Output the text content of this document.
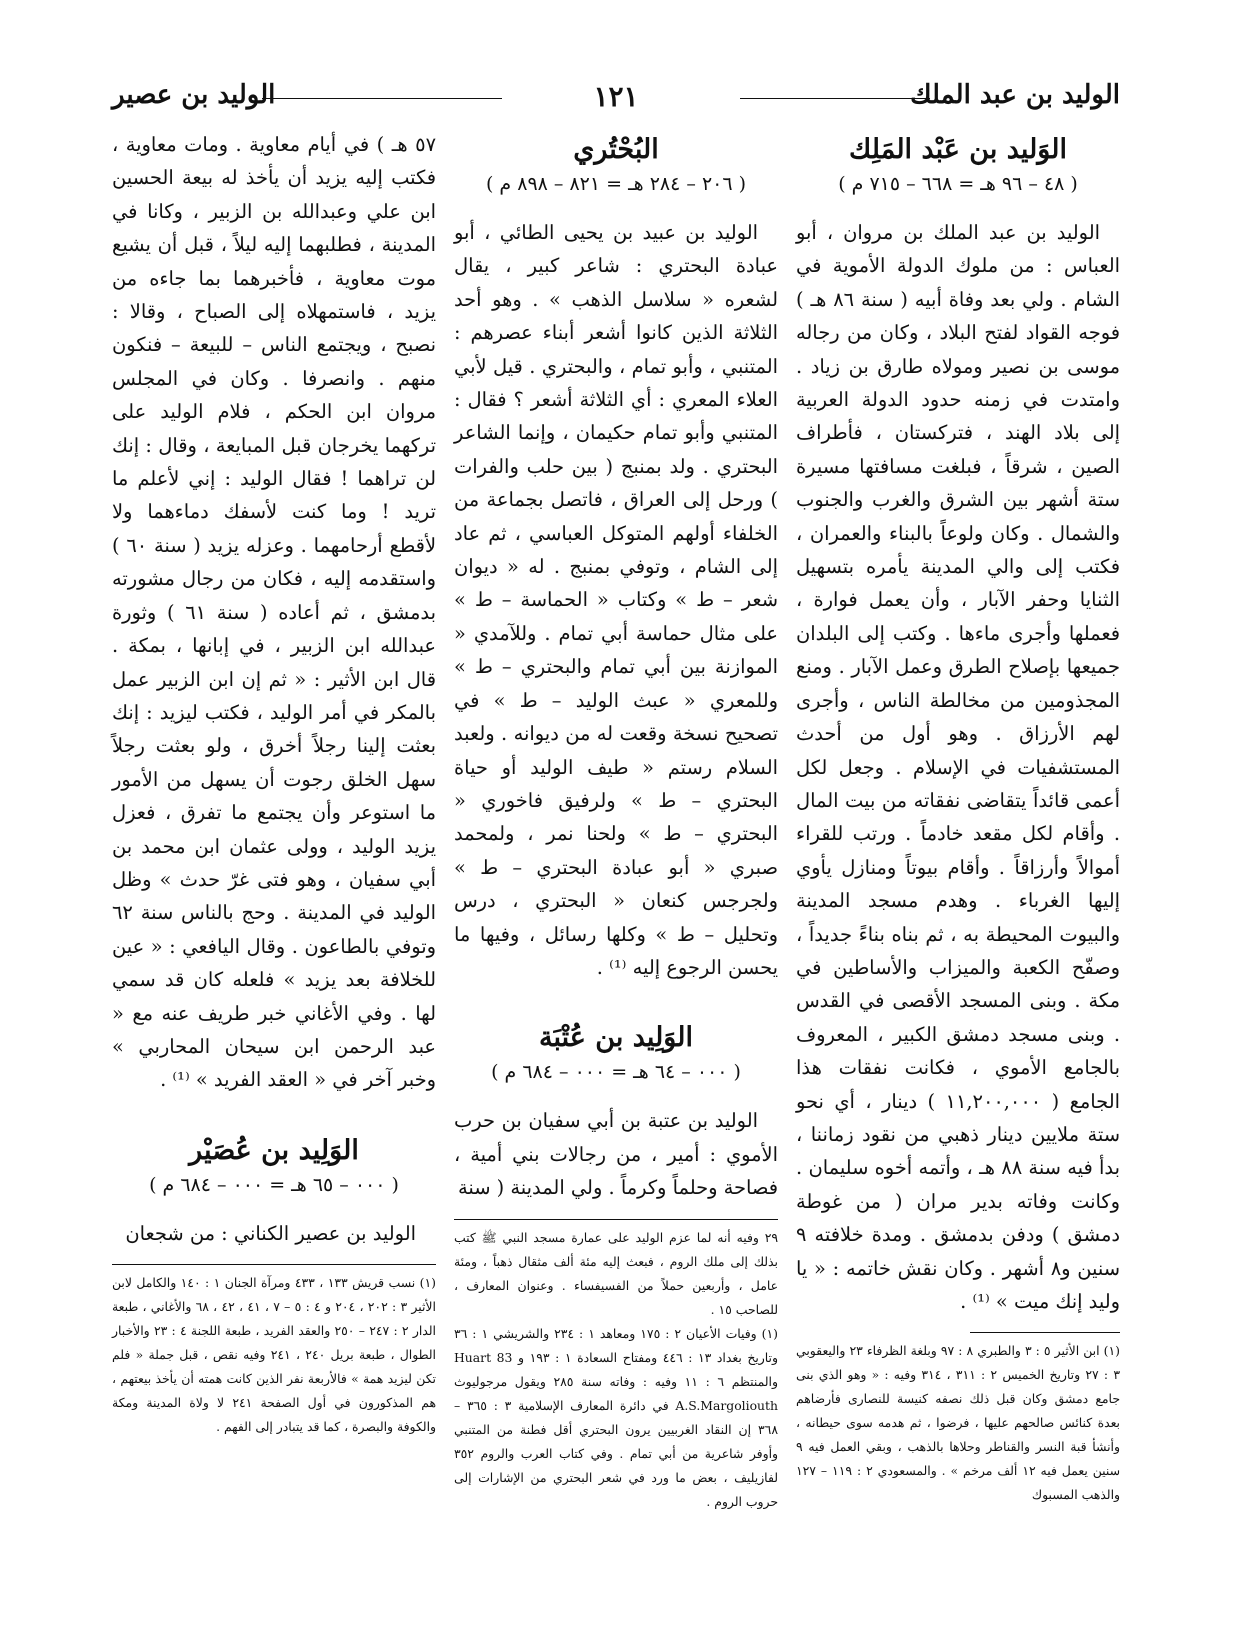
الوليد بن عبد الملك
١٢١
الوليد بن عصير
الوَليد بن عَبْد المَلِك
( ٤٨ – ٩٦ هـ = ٦٦٨ – ٧١٥ م )

الوليد بن عبد الملك بن مروان ، أبو العباس : من ملوك الدولة الأموية في الشام . ولي بعد وفاة أبيه ( سنة ٨٦ هـ ) فوجه القواد لفتح البلاد ، وكان من رجاله موسى بن نصير ومولاه طارق بن زياد . وامتدت في زمنه حدود الدولة العربية إلى بلاد الهند ، فتركستان ، فأطراف الصين ، شرقاً ، فبلغت مسافتها مسيرة ستة أشهر بين الشرق والغرب والجنوب والشمال . وكان ولوعاً بالبناء والعمران ، فكتب إلى والي المدينة يأمره بتسهيل الثنايا وحفر الآبار ، وأن يعمل فوارة ، فعملها وأجرى ماءها . وكتب إلى البلدان جميعها بإصلاح الطرق وعمل الآبار . ومنع المجذومين من مخالطة الناس ، وأجرى لهم الأرزاق . وهو أول من أحدث المستشفيات في الإسلام . وجعل لكل أعمى قائداً يتقاضى نفقاته من بيت المال . وأقام لكل مقعد خادماً . ورتب للقراء أموالاً وأرزاقاً . وأقام بيوتاً ومنازل يأوي إليها الغرباء . وهدم مسجد المدينة والبيوت المحيطة به ، ثم بناه بناءً جديداً ، وصفّح الكعبة والميزاب والأساطين في مكة . وبنى المسجد الأقصى في القدس . وبنى مسجد دمشق الكبير ، المعروف بالجامع الأموي ، فكانت نفقات هذا الجامع ( ١١,٢٠٠,٠٠٠ ) دينار ، أي نحو ستة ملايين دينار ذهبي من نقود زماننا ، بدأ فيه سنة ٨٨ هـ ، وأتمه أخوه سليمان . وكانت وفاته بدير مران ( من غوطة دمشق ) ودفن بدمشق . ومدة خلافته ٩ سنين و٨ أشهر . وكان نقش خاتمه : « يا وليد إنك ميت » ⁽¹⁾ .

(١) ابن الأثير ٥ : ٣ والطبري ٨ : ٩٧ وبلغة الظرفاء ٢٣ واليعقوبي ٣ : ٢٧ وتاريخ الخميس ٢ : ٣١١ ، ٣١٤ وفيه : « وهو الذي بنى جامع دمشق وكان قبل ذلك نصفه كنيسة للنصارى فأرضاهم بعدة كنائس صالحهم عليها ، فرضوا ، ثم هدمه سوى حيطانه ، وأنشأ قبة النسر والقناطر وحلاها بالذهب ، وبقي العمل فيه ٩ سنين يعمل فيه ١٢ ألف مرخم » . والمسعودي ٢ : ١١٩ – ١٢٧ والذهب المسبوك

البُحْتُري
( ٢٠٦ – ٢٨٤ هـ = ٨٢١ – ٨٩٨ م )

الوليد بن عبيد بن يحيى الطائي ، أبو عبادة البحتري : شاعر كبير ، يقال لشعره « سلاسل الذهب » . وهو أحد الثلاثة الذين كانوا أشعر أبناء عصرهم : المتنبي ، وأبو تمام ، والبحتري . قيل لأبي العلاء المعري : أي الثلاثة أشعر ؟ فقال : المتنبي وأبو تمام حكيمان ، وإنما الشاعر البحتري . ولد بمنبج ( بين حلب والفرات ) ورحل إلى العراق ، فاتصل بجماعة من الخلفاء أولهم المتوكل العباسي ، ثم عاد إلى الشام ، وتوفي بمنبج . له « ديوان شعر – ط » وكتاب « الحماسة – ط » على مثال حماسة أبي تمام . وللآمدي « الموازنة بين أبي تمام والبحتري – ط » وللمعري « عبث الوليد – ط » في تصحيح نسخة وقعت له من ديوانه . ولعبد السلام رستم « طيف الوليد أو حياة البحتري – ط » ولرفيق فاخوري « البحتري – ط » ولحنا نمر ، ولمحمد صبري « أبو عبادة البحتري – ط » ولجرجس كنعان « البحتري ، درس وتحليل – ط » وكلها رسائل ، وفيها ما يحسن الرجوع إليه ⁽¹⁾ .

الوَلِيد بن عُتْبَة
( ٠٠٠ – ٦٤ هـ = ٠٠٠ – ٦٨٤ م )

الوليد بن عتبة بن أبي سفيان بن حرب الأموي : أمير ، من رجالات بني أمية ، فصاحة وحلماً وكرماً . ولي المدينة ( سنة

٢٩ وفيه أنه لما عزم الوليد على عمارة مسجد النبي ﷺ كتب بذلك إلى ملك الروم ، فبعث إليه مئة ألف مثقال ذهباً ، ومئة عامل ، وأربعين حملاً من الفسيفساء . وعنوان المعارف ، للصاحب ١٥ .

(١) وفيات الأعيان ٢ : ١٧٥ ومعاهد ١ : ٢٣٤ والشريشي ١ : ٣٦ وتاريخ بغداد ١٣ : ٤٤٦ ومفتاح السعادة ١ : ١٩٣ و Huart 83 والمنتظم ٦ : ١١ وفيه : وفاته سنة ٢٨٥ ويقول مرجوليوث A.S.Margoliouth في دائرة المعارف الإسلامية ٣ : ٣٦٥ – ٣٦٨ إن النقاد الغربيين يرون البحتري أقل فطنة من المتنبي وأوفر شاعرية من أبي تمام . وفي كتاب العرب والروم ٣٥٢ لفازيليف ، بعض ما ورد في شعر البحتري من الإشارات إلى حروب الروم .

٥٧ هـ ) في أيام معاوية . ومات معاوية ، فكتب إليه يزيد أن يأخذ له بيعة الحسين ابن علي وعبدالله بن الزبير ، وكانا في المدينة ، فطلبهما إليه ليلاً ، قبل أن يشيع موت معاوية ، فأخبرهما بما جاءه من يزيد ، فاستمهلاه إلى الصباح ، وقالا : نصبح ، ويجتمع الناس – للبيعة – فنكون منهم . وانصرفا . وكان في المجلس مروان ابن الحكم ، فلام الوليد على تركهما يخرجان قبل المبايعة ، وقال : إنك لن تراهما ! فقال الوليد : إني لأعلم ما تريد ! وما كنت لأسفك دماءهما ولا لأقطع أرحامهما . وعزله يزيد ( سنة ٦٠ ) واستقدمه إليه ، فكان من رجال مشورته بدمشق ، ثم أعاده ( سنة ٦١ ) وثورة عبدالله ابن الزبير ، في إبانها ، بمكة . قال ابن الأثير : « ثم إن ابن الزبير عمل بالمكر في أمر الوليد ، فكتب ليزيد : إنك بعثت إلينا رجلاً أخرق ، ولو بعثت رجلاً سهل الخلق رجوت أن يسهل من الأمور ما استوعر وأن يجتمع ما تفرق ، فعزل يزيد الوليد ، وولى عثمان ابن محمد بن أبي سفيان ، وهو فتى غرّ حدث » وظل الوليد في المدينة . وحج بالناس سنة ٦٢ وتوفي بالطاعون . وقال اليافعي : « عين للخلافة بعد يزيد » فلعله كان قد سمي لها . وفي الأغاني خبر طريف عنه مع « عبد الرحمن ابن سيحان المحاربي » وخبر آخر في « العقد الفريد » ⁽¹⁾ .

الوَلِيد بن عُصَيْر
( ٠٠٠ – ٦٥ هـ = ٠٠٠ – ٦٨٤ م )

الوليد بن عصير الكناني : من شجعان

(١) نسب قريش ١٣٣ ، ٤٣٣ ومرآة الجنان ١ : ١٤٠ والكامل لابن الأثير ٣ : ٢٠٢ ، ٢٠٤ و ٤ : ٥ – ٧ ، ٤١ ، ٤٢ ، ٦٨ والأغاني ، طبعة الدار ٢ : ٢٤٧ – ٢٥٠ والعقد الفريد ، طبعة اللجنة ٤ : ٢٣ والأخبار الطوال ، طبعة بريل ٢٤٠ ، ٢٤١ وفيه نقص ، قبل جملة « فلم تكن ليزيد همة » فالأربعة نفر الذين كانت همته أن يأخذ بيعتهم ، هم المذكورون في أول الصفحة ٢٤١ لا ولاة المدينة ومكة والكوفة والبصرة ، كما قد يتبادر إلى الفهم .
